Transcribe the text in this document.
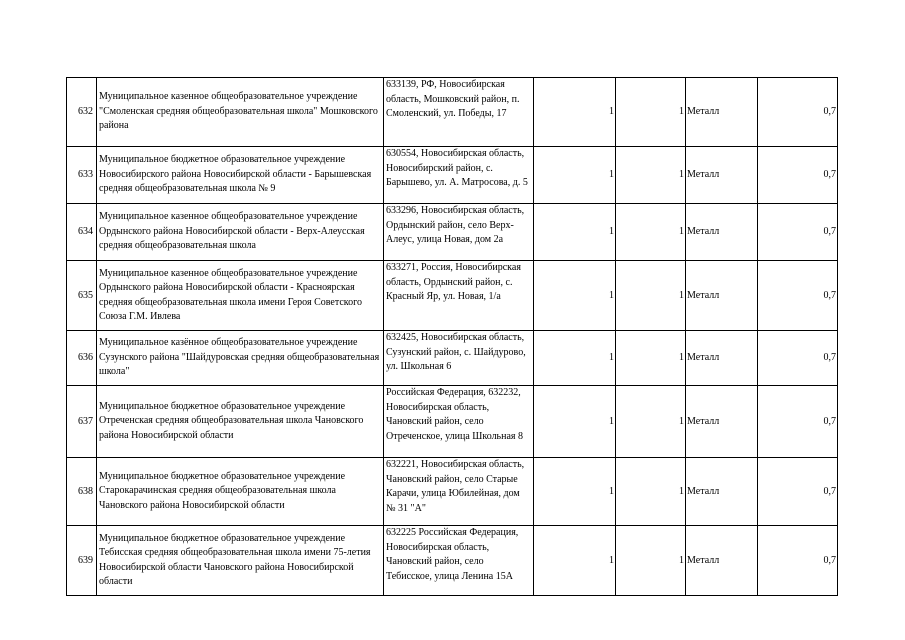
632	Муниципальное казенное общеобразовательное учреждение "Смоленская средняя общеобразовательная школа" Мошковского района	633139, РФ, Новосибирская область, Мошковский район, п. Смоленский, ул. Победы, 17	1	1	Металл	0,7
633	Муниципальное бюджетное образовательное учреждение Новосибирского района Новосибирской области - Барышевская средняя общеобразовательная школа № 9	630554, Новосибирская область, Новосибирский район, с. Барышево, ул. А. Матросова, д. 5	1	1	Металл	0,7
634	Муниципальное казенное общеобразовательное учреждение Ордынского района Новосибирской области - Верх-Алеусская средняя общеобразовательная школа	633296, Новосибирская область, Ордынский район, село Верх-Алеус, улица Новая, дом 2а	1	1	Металл	0,7
635	Муниципальное казенное общеобразовательное учреждение Ордынского района Новосибирской области - Красноярская средняя общеобразовательная школа имени Героя Советского Союза Г.М. Ивлева	633271, Россия, Новосибирская область, Ордынский район, с. Красный Яр, ул. Новая, 1/а	1	1	Металл	0,7
636	Муниципальное казённое общеобразовательное учреждение Сузунского района "Шайдуровская средняя общеобразовательная школа"	632425, Новосибирская область, Сузунский район, с. Шайдурово, ул. Школьная 6	1	1	Металл	0,7
637	Муниципальное бюджетное образовательное учреждение Отреченская средняя общеобразовательная школа Чановского района Новосибирской области	Российская Федерация, 632232, Новосибирская область, Чановский район, село Отреченское, улица Школьная 8	1	1	Металл	0,7
638	Муниципальное бюджетное образовательное учреждение Старокарачинская средняя общеобразовательная школа Чановского района Новосибирской области	632221, Новосибирская область, Чановский район, село Старые Карачи, улица Юбилейная, дом № 31 "А"	1	1	Металл	0,7
639	Муниципальное бюджетное образовательное учреждение Тебисская средняя общеобразовательная школа имени 75-летия Новосибирской области Чановского района Новосибирской области	632225 Российская Федерация, Новосибирская область, Чановский район, село Тебисское, улица Ленина 15А	1	1	Металл	0,7
